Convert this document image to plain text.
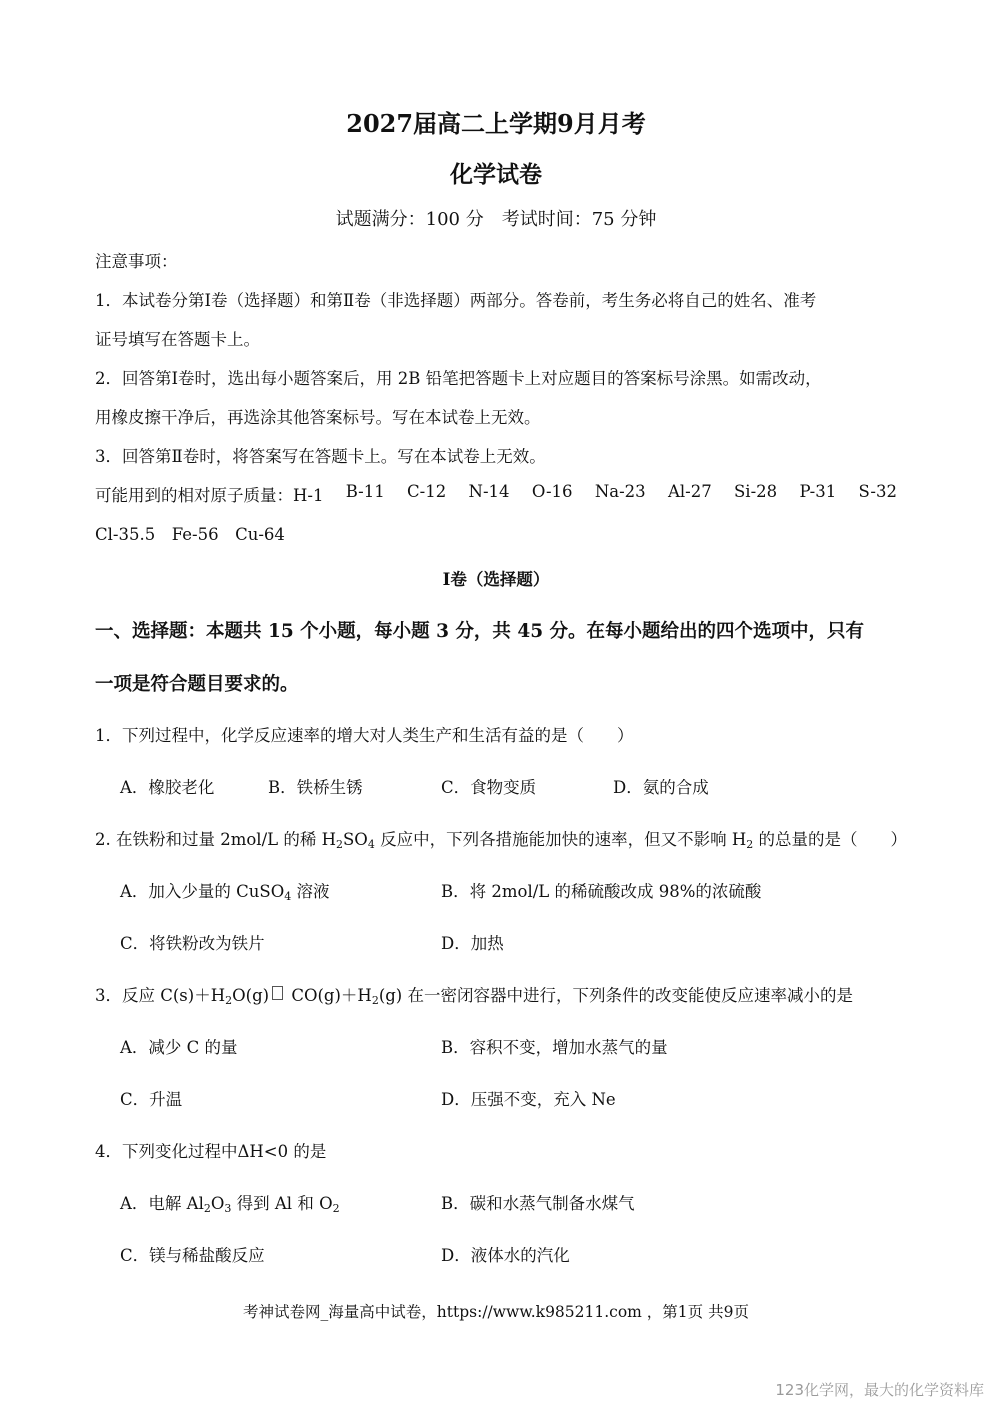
2027届高二上学期9月月考
化学试卷
试题满分：100 分　考试时间：75 分钟
注意事项：
1．本试卷分第Ⅰ卷（选择题）和第Ⅱ卷（非选择题）两部分。答卷前，考生务必将自己的姓名、准考
证号填写在答题卡上。
2．回答第Ⅰ卷时，选出每小题答案后，用 2B 铅笔把答题卡上对应题目的答案标号涂黑。如需改动，
用橡皮擦干净后，再选涂其他答案标号。写在本试卷上无效。
3．回答第Ⅱ卷时，将答案写在答题卡上。写在本试卷上无效。
可能用到的相对原子质量：H-1 B-11 C-12 N-14 O-16 Na-23 Al-27 Si-28 P-31 S-32
Cl-35.5　Fe-56　Cu-64
Ⅰ卷（选择题）
一、选择题：本题共 15 个小题，每小题 3 分，共 45 分。在每小题给出的四个选项中，只有
一项是符合题目要求的。
1．下列过程中，化学反应速率的增大对人类生产和生活有益的是（　　）
A．橡胶老化	B．铁桥生锈	C．食物变质	D．氨的合成
2. 在铁粉和过量 2mol/L 的稀 $H_2SO_4$ 反应中，下列各措施能加快的速率，但又不影响 $H_2$ 的总量的是（　　）
A．加入少量的 CuSO$_4$ 溶液	B．将 2mol/L 的稀硫酸改成 98%的浓硫酸
C．将铁粉改为铁片	D．加热
3．反应 $C(s)+H_2O(g)$ $CO(g)+H_2(g)$ 在一密闭容器中进行，下列条件的改变能使反应速率减小的是
A．减少 C 的量	B．容积不变，增加水蒸气的量
C．升温	D．压强不变，充入 Ne
4．下列变化过程中ΔH<0 的是
A．电解 $Al_2O_3$ 得到 Al 和 $O_2$	B．碳和水蒸气制备水煤气
C．镁与稀盐酸反应	D．液体水的汽化
考神试卷网_海量高中试卷，https://www.k985211.com ，第1页 共9页
123化学网，最大的化学资料库
